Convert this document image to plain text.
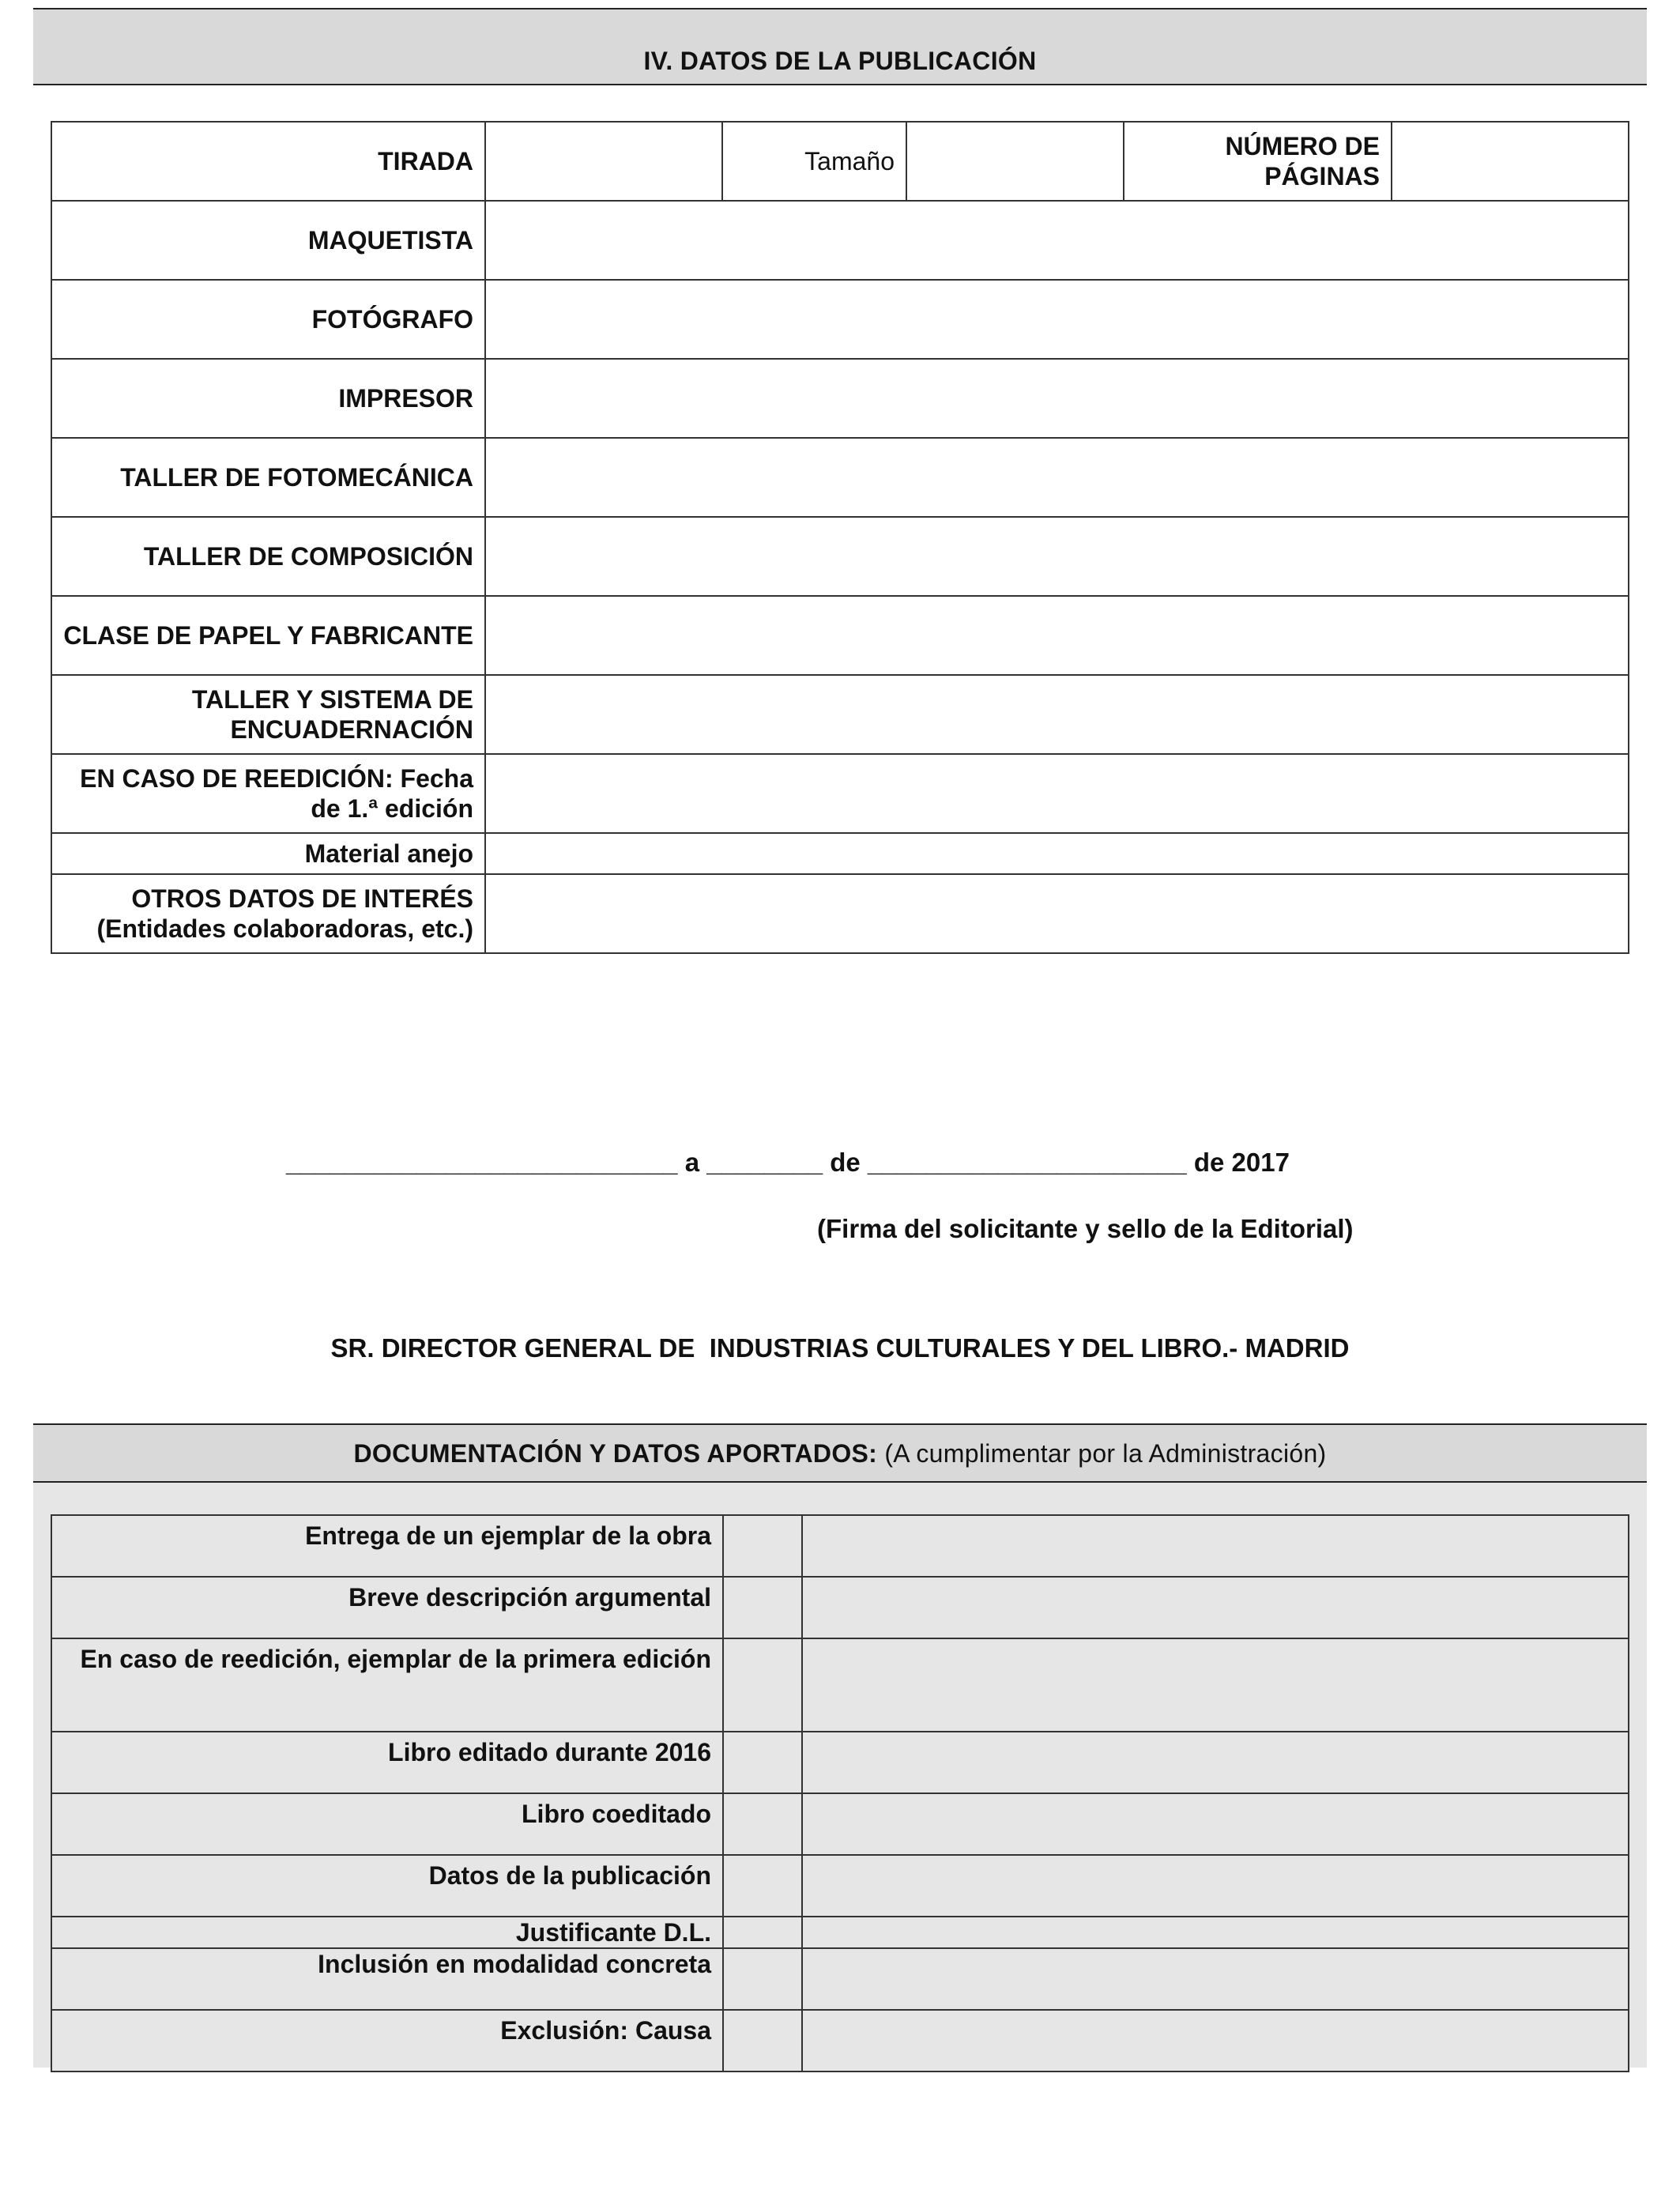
IV. DATOS DE LA PUBLICACIÓN
TIRADA		Tamaño		NÚMERO DE PÁGINAS	
MAQUETISTA					
FOTÓGRAFO					
IMPRESOR					
TALLER DE FOTOMECÁNICA					
TALLER DE COMPOSICIÓN					
CLASE DE PAPEL Y FABRICANTE					
TALLER Y SISTEMA DE ENCUADERNACIÓN					
EN CASO DE REEDICIÓN: Fecha de 1.ª edición					
Material anejo					

OTROS DATOS DE INTERÉS
(Entidades colaboradoras, etc.)					

___________________________ a ________ de ______________________ de 2017
(Firma del solicitante y sello de la Editorial)
SR. DIRECTOR GENERAL DE  INDUSTRIAS CULTURALES Y DEL LIBRO.- MADRID
DOCUMENTACIÓN Y DATOS APORTADOS: (A cumplimentar por la Administración)
Entrega de un ejemplar de la obra		
Breve descripción argumental		
En caso de reedición, ejemplar de la primera edición		
Libro editado durante 2016		
Libro coeditado		
Datos de la publicación		
Justificante D.L.		
Inclusión en modalidad concreta		
Exclusión: Causa		
